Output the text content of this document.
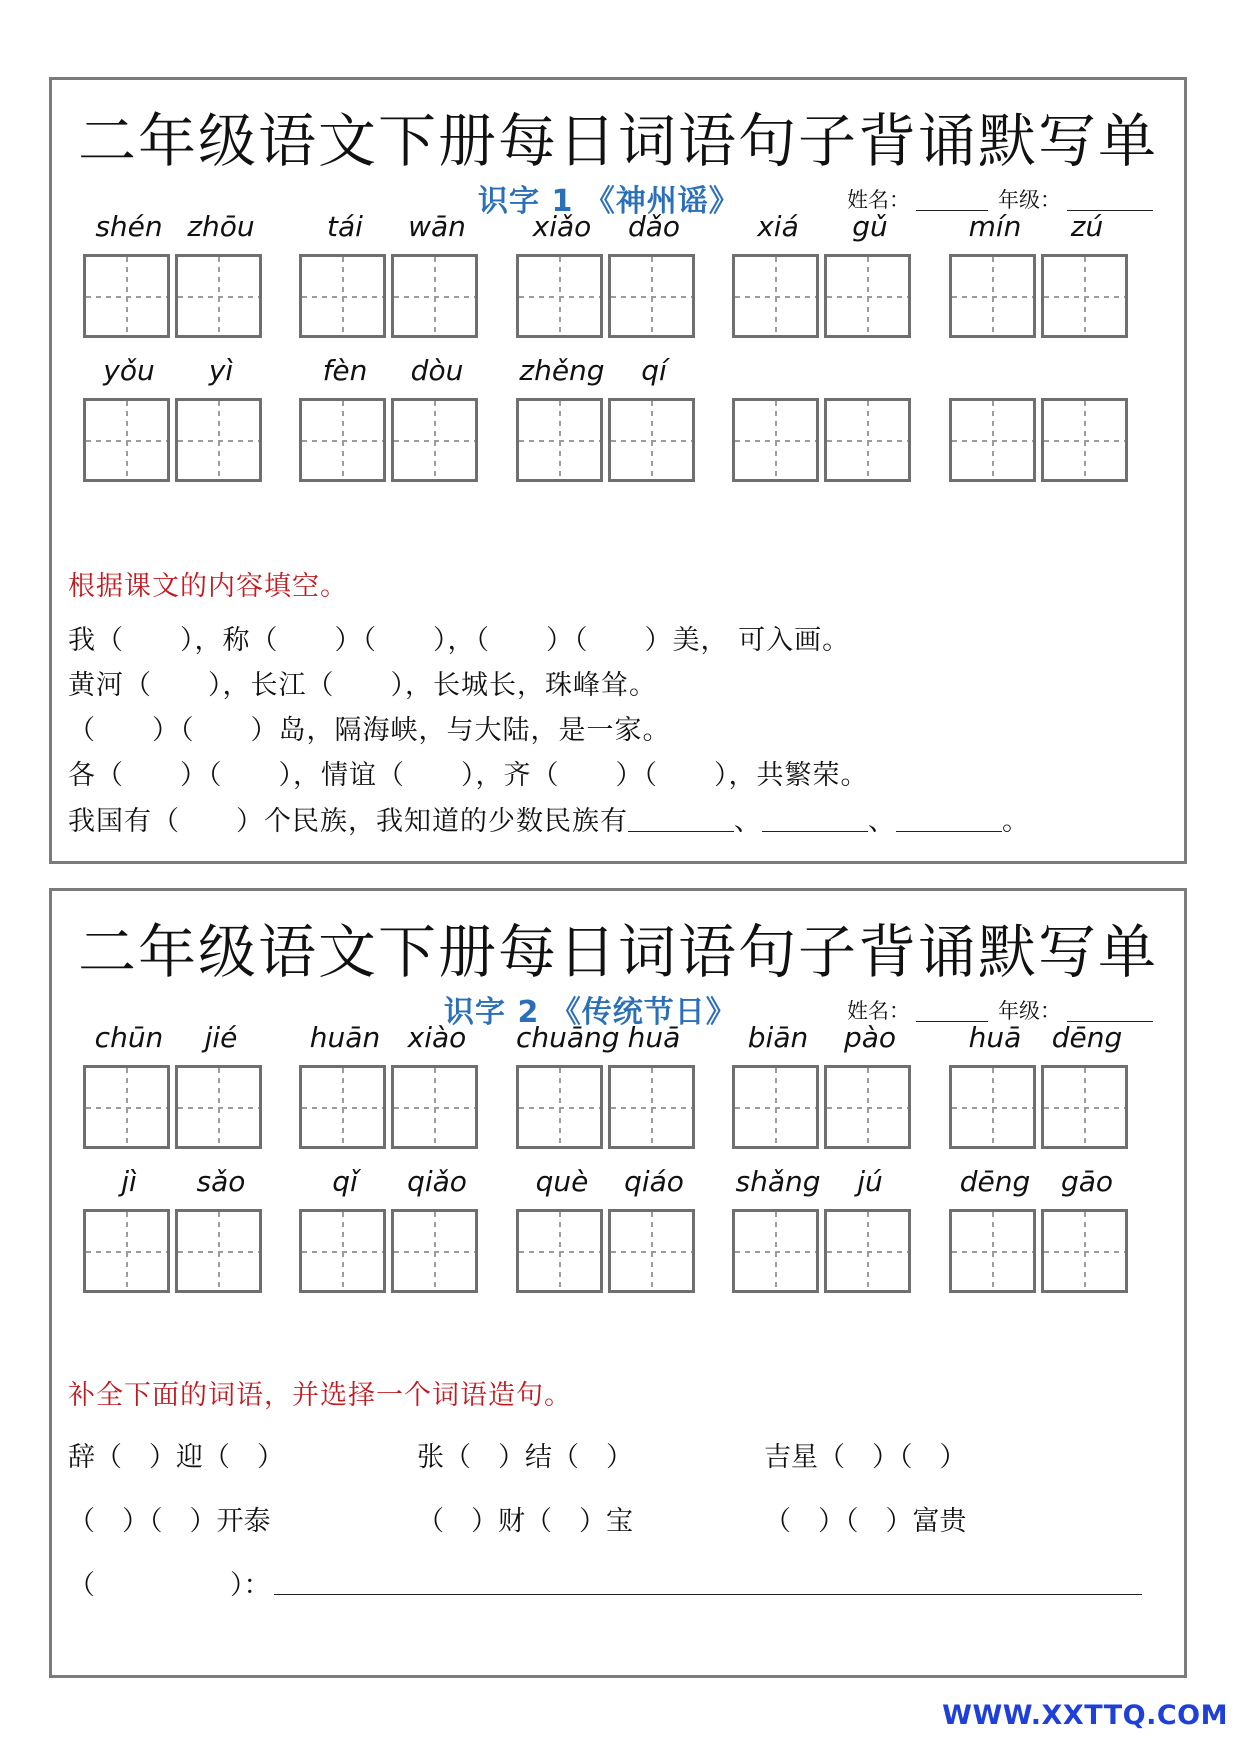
二年级语文下册每日词语句子背诵默写单
识字 1 《神州谣》	姓名：	年级：
shén zhōu	tái	wān	xiǎo	dǎo	xiá	gǔ	mín	zú
yǒu	yì	fèn	dòu	zhěng	qí
根据课文的内容填空。
我（　　），称（　　）（　　），（　　）（　　）美， 可入画。
黄河（　　），长江（　　），长城长，珠峰耸。
（　　）（　　）岛，隔海峡，与大陆，是一家。
各（　　）（　　），情谊（　　），齐（　　）（　　），共繁荣。
我国有（　　）个民族，我知道的少数民族有	、	、	。
二年级语文下册每日词语句子背诵默写单
识字 2 《传统节日》	姓名：	年级：
chūn	jié	huān xiào	chuāng huā	biān	pào	huā	dēng
jì	sǎo	qǐ	qiǎo	què	qiáo	shǎng	jú	dēng	gāo
补全下面的词语，并选择一个词语造句。
辞（　）迎（　）	张（　）结（　）	吉星（　）（　）
（　）（　）开泰	（　）财（　）宝	（　）（　）富贵
（　　　　　）：
WWW.XXTTQ.COM
